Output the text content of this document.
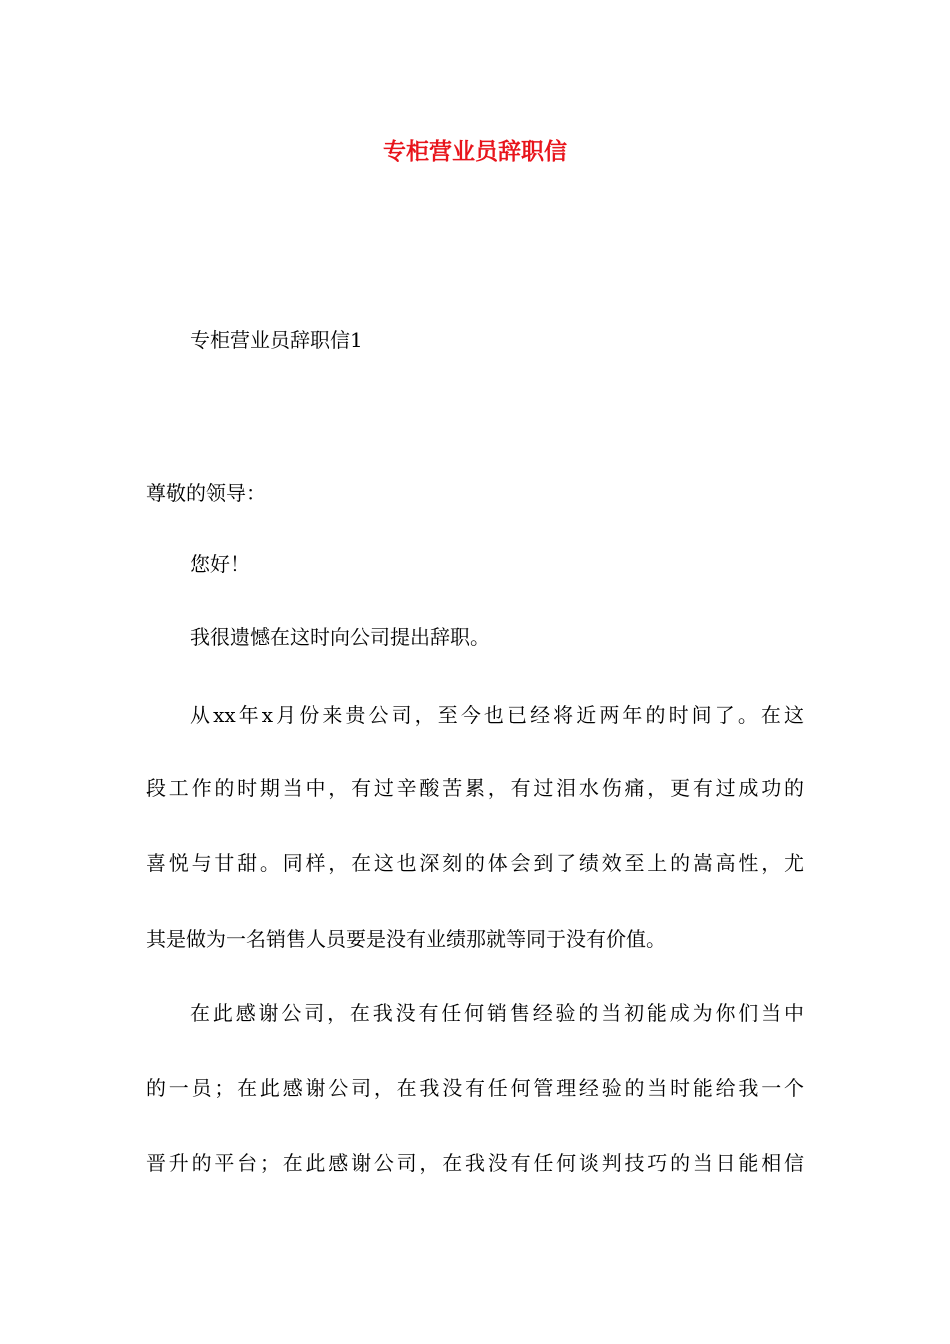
专柜营业员辞职信

专柜营业员辞职信1

尊敬的领导：

您好！

我很遗憾在这时向公司提出辞职。

从xx年x月份来贵公司，至今也已经将近两年的时间了。在这

段工作的时期当中，有过辛酸苦累，有过泪水伤痛，更有过成功的

喜悦与甘甜。同样，在这也深刻的体会到了绩效至上的嵩高性，尤

其是做为一名销售人员要是没有业绩那就等同于没有价值。

在此感谢公司，在我没有任何销售经验的当初能成为你们当中

的一员；在此感谢公司，在我没有任何管理经验的当时能给我一个

晋升的平台；在此感谢公司，在我没有任何谈判技巧的当日能相信
